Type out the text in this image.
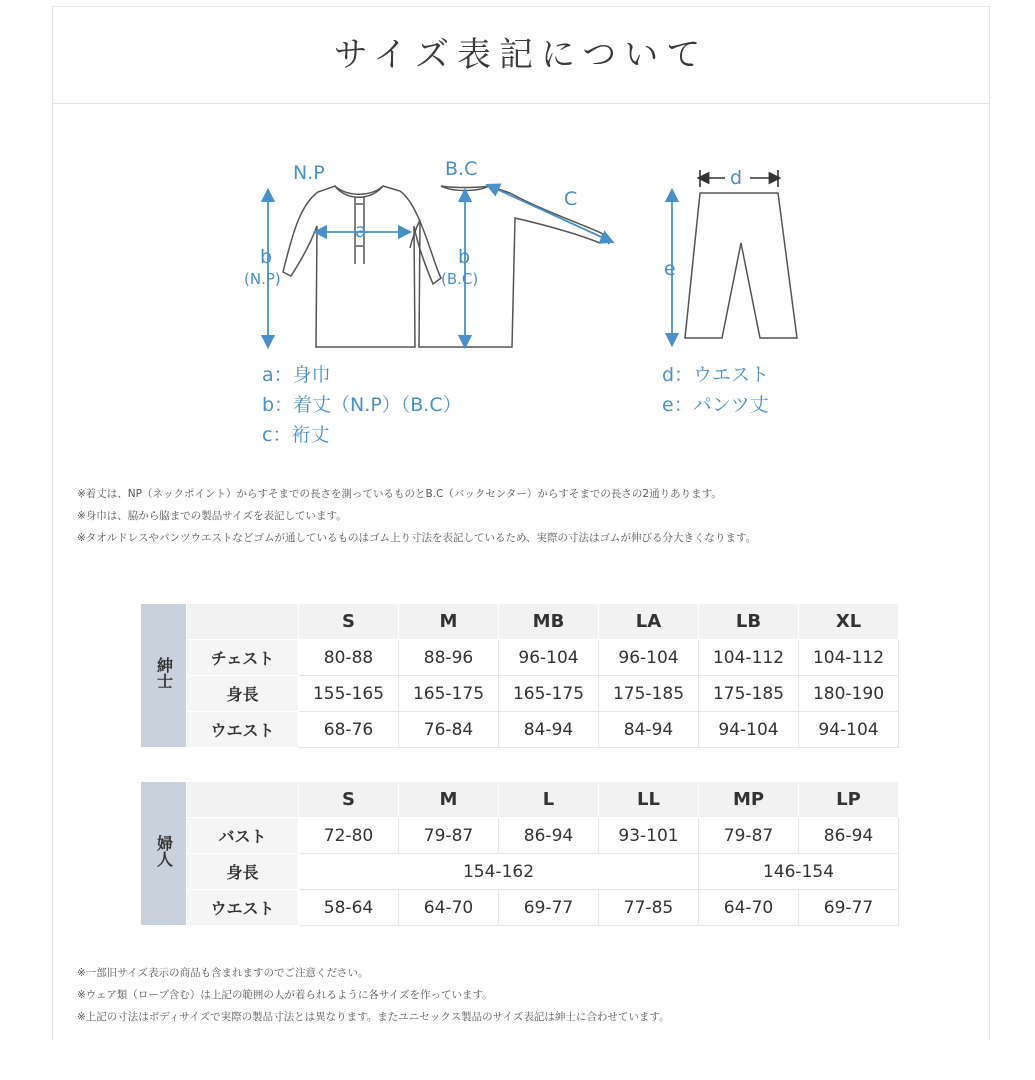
サイズ表記について
N.P	B.C
a
b
(N.P)
b
(B.C)
C
d
e
a：身巾
b：着丈（N.P）（B.C）
c：裄丈
d：ウエスト
e：パンツ丈
※着丈は、NP（ネックポイント）からすそまでの長さを測っているものとB.C（バックセンター）からすそまでの長さの2通りあります。
※身巾は、脇から脇までの製品サイズを表記しています。
※タオルドレスやパンツウエストなどゴムが通しているものはゴム上り寸法を表記しているため、実際の寸法はゴムが伸びる分大きくなります。
紳士		S	M	MB	LA	LB	XL
	チェスト	80-88	88-96	96-104	96-104	104-112	104-112
	身長	155-165	165-175	165-175	175-185	175-185	180-190
	ウエスト	68-76	76-84	84-94	84-94	94-104	94-104
婦人		S	M	L	LL	MP	LP
	バスト	72-80	79-87	86-94	93-101	79-87	86-94
	身長	154-162				146-154	
	ウエスト	58-64	64-70	69-77	77-85	64-70	69-77
※一部旧サイズ表示の商品も含まれますのでご注意ください。
※ウェア類（ローブ含む）は上記の範囲の人が着られるように各サイズを作っています。
※上記の寸法はボディサイズで実際の製品寸法とは異なります。またユニセックス製品のサイズ表記は紳士に合わせています。
